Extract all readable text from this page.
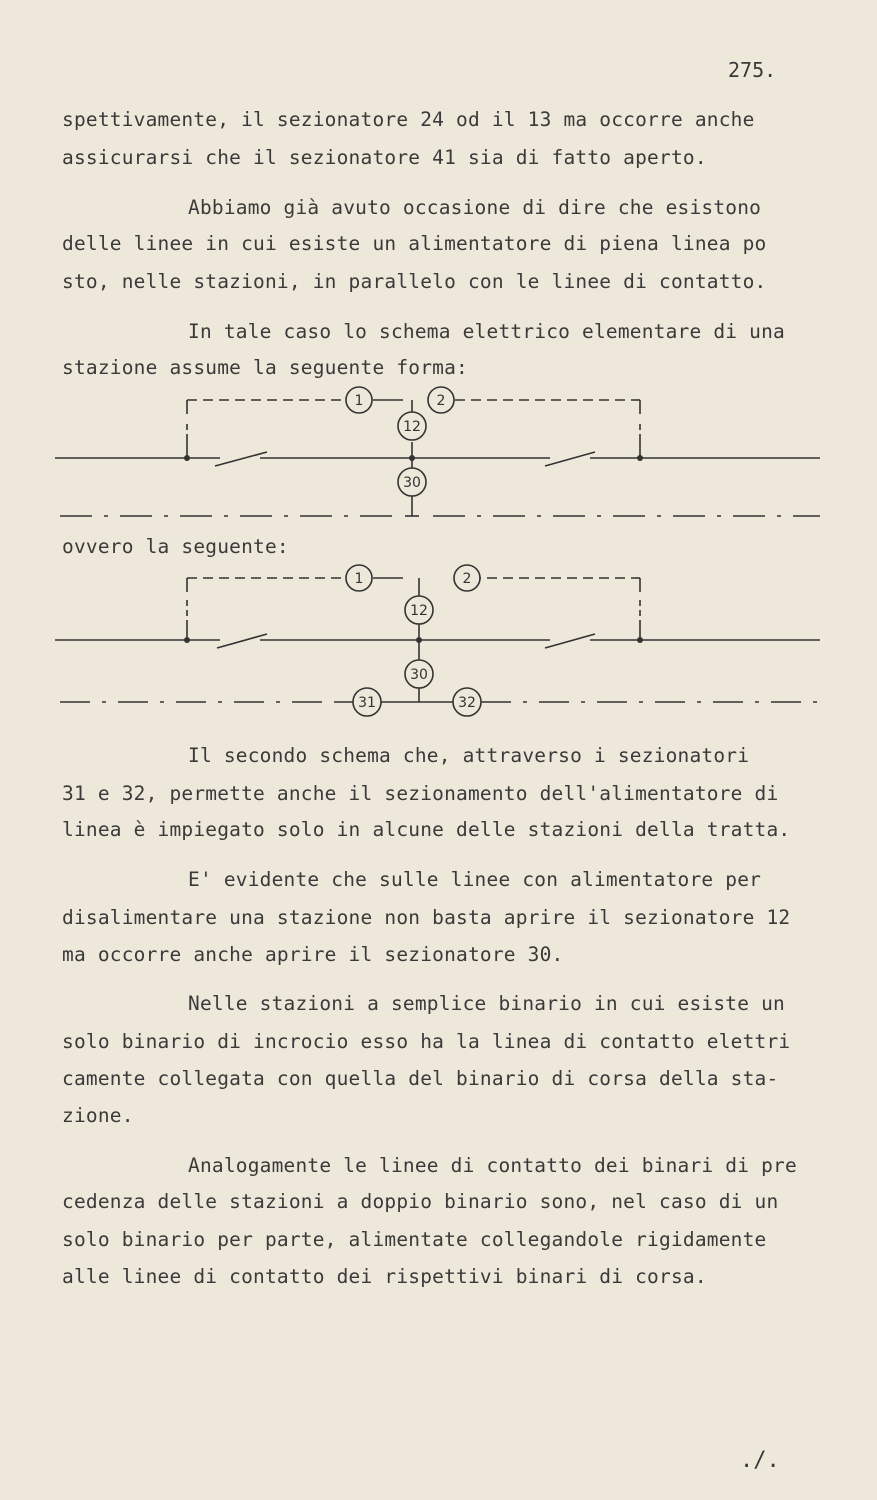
275.
spettivamente, il sezionatore 24 od il 13 ma occorre anche
assicurarsi che il sezionatore 41 sia di fatto aperto.
Abbiamo già avuto occasione di dire che esistono
delle linee in cui esiste un alimentatore di piena linea po
sto, nelle stazioni, in parallelo con le linee di contatto.
In tale caso lo schema elettrico elementare di una
stazione assume la seguente forma:
1	2
12
30
ovvero la seguente:
1	2
12
30
31	32
Il secondo schema che, attraverso i sezionatori
31 e 32, permette anche il sezionamento dell'alimentatore di
linea è impiegato solo in alcune delle stazioni della tratta.
E' evidente che sulle linee con alimentatore per
disalimentare una stazione non basta aprire il sezionatore 12
ma occorre anche aprire il sezionatore 30.
Nelle stazioni a semplice binario in cui esiste un
solo binario di incrocio esso ha la linea di contatto elettri
camente collegata con quella del binario di corsa della sta-
zione.
Analogamente le linee di contatto dei binari di pre
cedenza delle stazioni a doppio binario sono, nel caso di un
solo binario per parte, alimentate collegandole rigidamente
alle linee di contatto dei rispettivi binari di corsa.
./.
